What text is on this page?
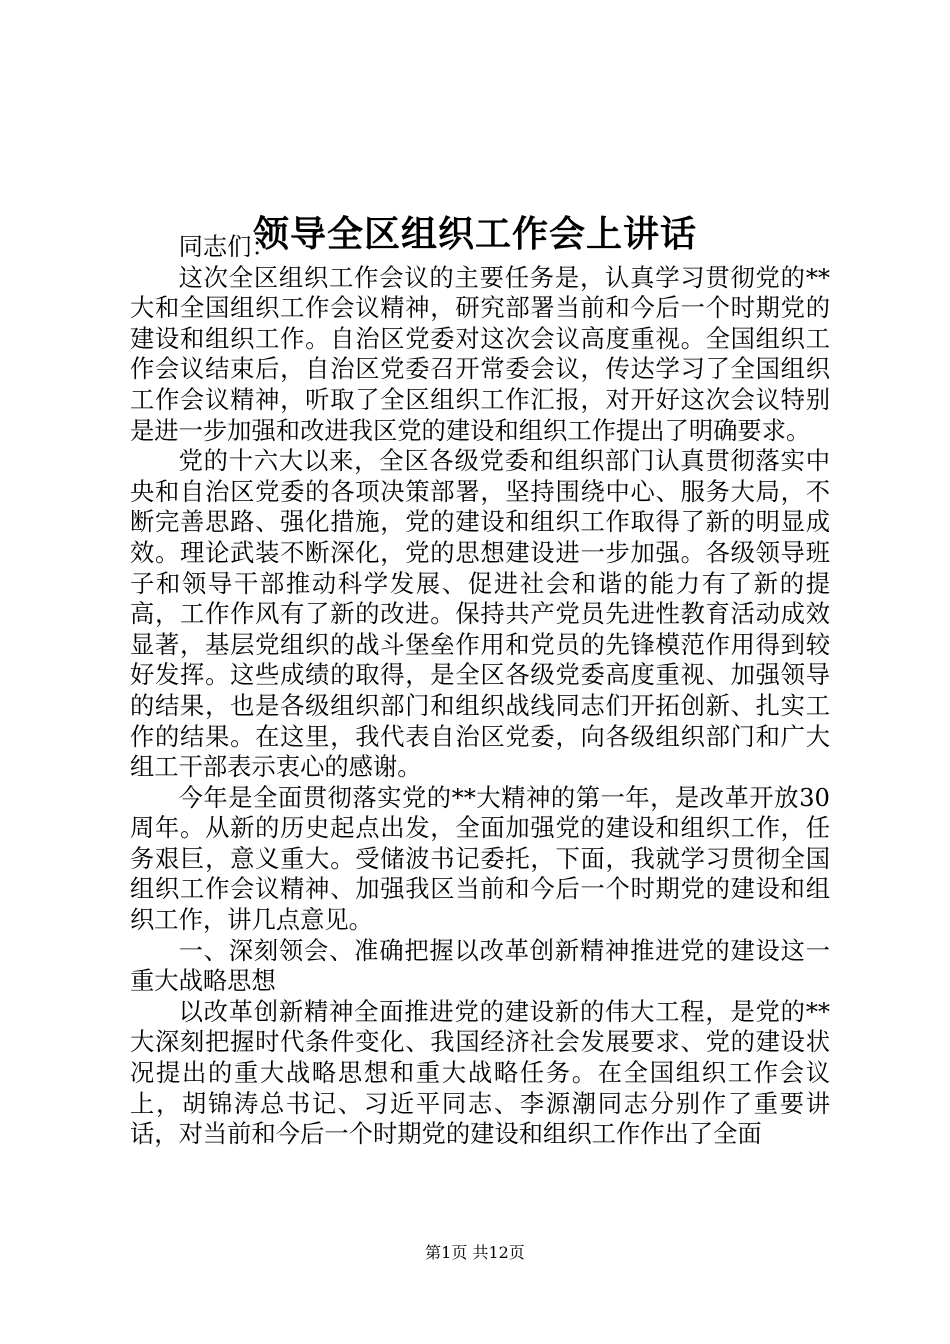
领导全区组织工作会上讲话

同志们：

这次全区组织工作会议的主要任务是，认真学习贯彻党的**大和全国组织工作会议精神，研究部署当前和今后一个时期党的建设和组织工作。自治区党委对这次会议高度重视。全国组织工作会议结束后，自治区党委召开常委会议，传达学习了全国组织工作会议精神，听取了全区组织工作汇报，对开好这次会议特别是进一步加强和改进我区党的建设和组织工作提出了明确要求。

党的十六大以来，全区各级党委和组织部门认真贯彻落实中央和自治区党委的各项决策部署，坚持围绕中心、服务大局，不断完善思路、强化措施，党的建设和组织工作取得了新的明显成效。理论武装不断深化，党的思想建设进一步加强。各级领导班子和领导干部推动科学发展、促进社会和谐的能力有了新的提高，工作作风有了新的改进。保持共产党员先进性教育活动成效显著，基层党组织的战斗堡垒作用和党员的先锋模范作用得到较好发挥。这些成绩的取得，是全区各级党委高度重视、加强领导的结果，也是各级组织部门和组织战线同志们开拓创新、扎实工作的结果。在这里，我代表自治区党委，向各级组织部门和广大组工干部表示衷心的感谢。

今年是全面贯彻落实党的**大精神的第一年，是改革开放30周年。从新的历史起点出发，全面加强党的建设和组织工作，任务艰巨，意义重大。受储波书记委托，下面，我就学习贯彻全国组织工作会议精神、加强我区当前和今后一个时期党的建设和组织工作，讲几点意见。

一、深刻领会、准确把握以改革创新精神推进党的建设这一重大战略思想

以改革创新精神全面推进党的建设新的伟大工程，是党的**大深刻把握时代条件变化、我国经济社会发展要求、党的建设状况提出的重大战略思想和重大战略任务。在全国组织工作会议上，胡锦涛总书记、习近平同志、李源潮同志分别作了重要讲话，对当前和今后一个时期党的建设和组织工作作出了全面

第1页 共12页
